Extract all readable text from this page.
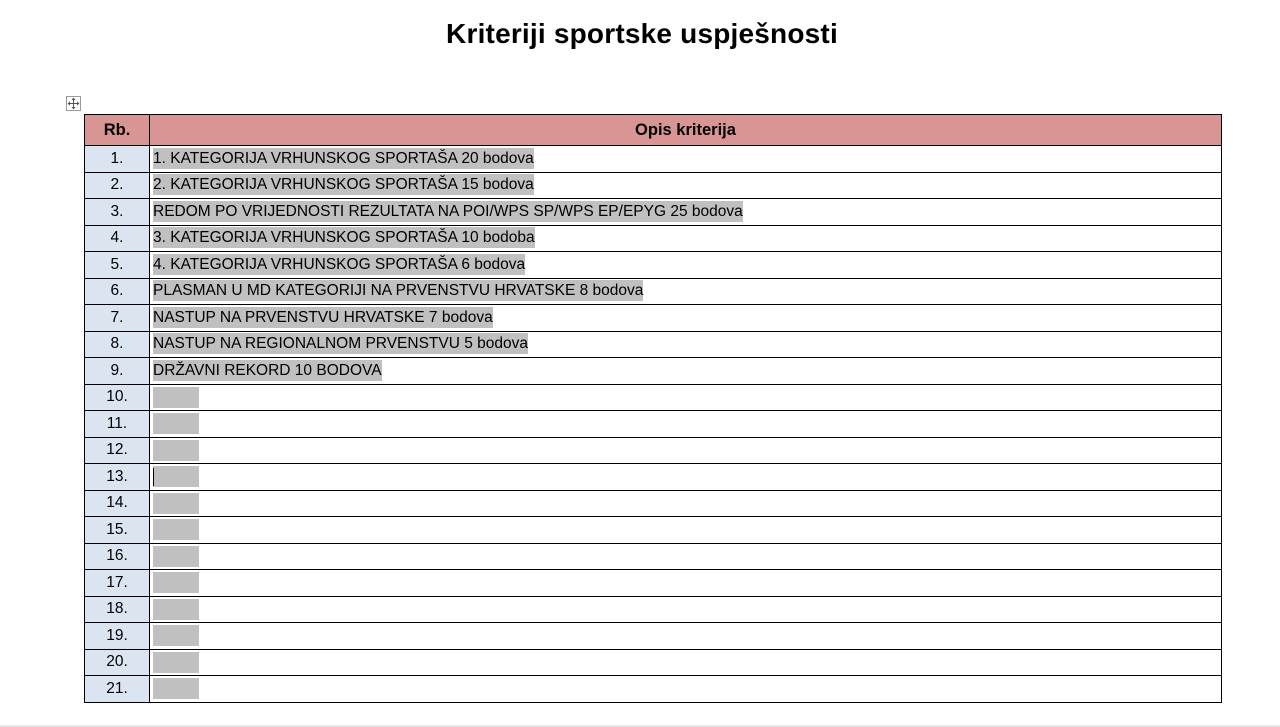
Kriteriji sportske uspješnosti
Rb.	Opis kriterija
1.	1. KATEGORIJA VRHUNSKOG SPORTAŠA 20 bodova
2.	2. KATEGORIJA VRHUNSKOG SPORTAŠA 15 bodova
3.	REDOM PO VRIJEDNOSTI REZULTATA NA POI/WPS SP/WPS EP/EPYG 25 bodova
4.	3. KATEGORIJA VRHUNSKOG SPORTAŠA 10 bodoba
5.	4. KATEGORIJA VRHUNSKOG SPORTAŠA 6 bodova
6.	PLASMAN U MD KATEGORIJI NA PRVENSTVU HRVATSKE 8 bodova
7.	NASTUP NA PRVENSTVU HRVATSKE 7 bodova
8.	NASTUP NA REGIONALNOM PRVENSTVU 5 bodova
9.	DRŽAVNI REKORD 10 BODOVA
10.	
11.	
12.	
13.	
14.	
15.	
16.	
17.	
18.	
19.	
20.	
21.	
